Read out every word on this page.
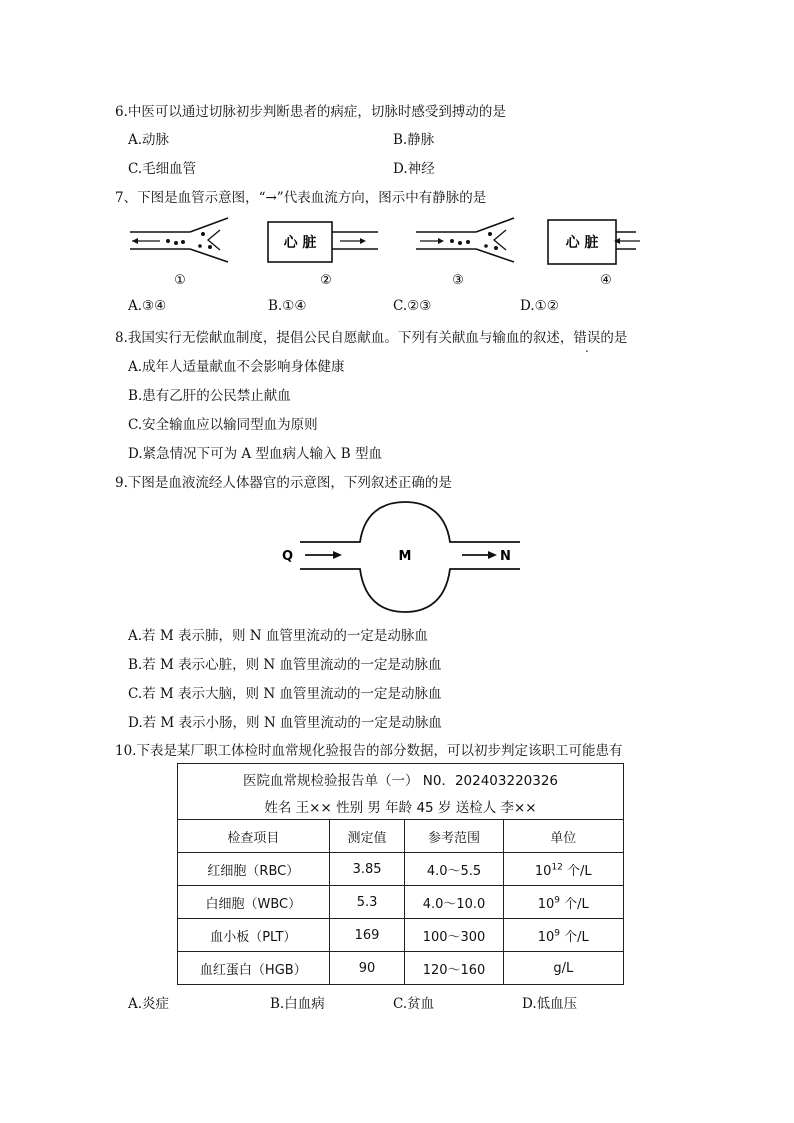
6.中医可以通过切脉初步判断患者的病症，切脉时感受到搏动的是
A.动脉	B.静脉
C.毛细血管	D.神经
7、下图是血管示意图，“→”代表血流方向，图示中有静脉的是
①
心 脏
②	③
心 脏
④
A.③④	B.①④	C.②③	D.①②
8.我国实行无偿献血制度，提倡公民自愿献血。下列有关献血与输血的叙述，错误的是
A.成年人适量献血不会影响身体健康
B.患有乙肝的公民禁止献血
C.安全输血应以输同型血为原则
D.紧急情况下可为 A 型血病人输入 B 型血
9.下图是血液流经人体器官的示意图，下列叙述正确的是
Q	M	N
A.若 M 表示肺，则 N 血管里流动的一定是动脉血
B.若 M 表示心脏，则 N 血管里流动的一定是动脉血
C.若 M 表示大脑，则 N 血管里流动的一定是动脉血
D.若 M 表示小肠，则 N 血管里流动的一定是动脉血
10.下表是某厂职工体检时血常规化验报告的部分数据，可以初步判定该职工可能患有
医院血常规检验报告单（一） N0．202403220326			
姓名 王×× 性别 男 年龄 45 岁 送检人 李××			
检查项目	测定值	参考范围	单位
红细胞（RBC）	3.85	4.0～5.5	$10^{12}$ 个/L
白细胞（WBC）	5.3	4.0～10.0	$10^9$ 个/L
血小板（PLT）	169	100～300	$10^9$ 个/L
血红蛋白（HGB）	90	120～160	g/L
A.炎症	B.白血病	C.贫血	D.低血压
